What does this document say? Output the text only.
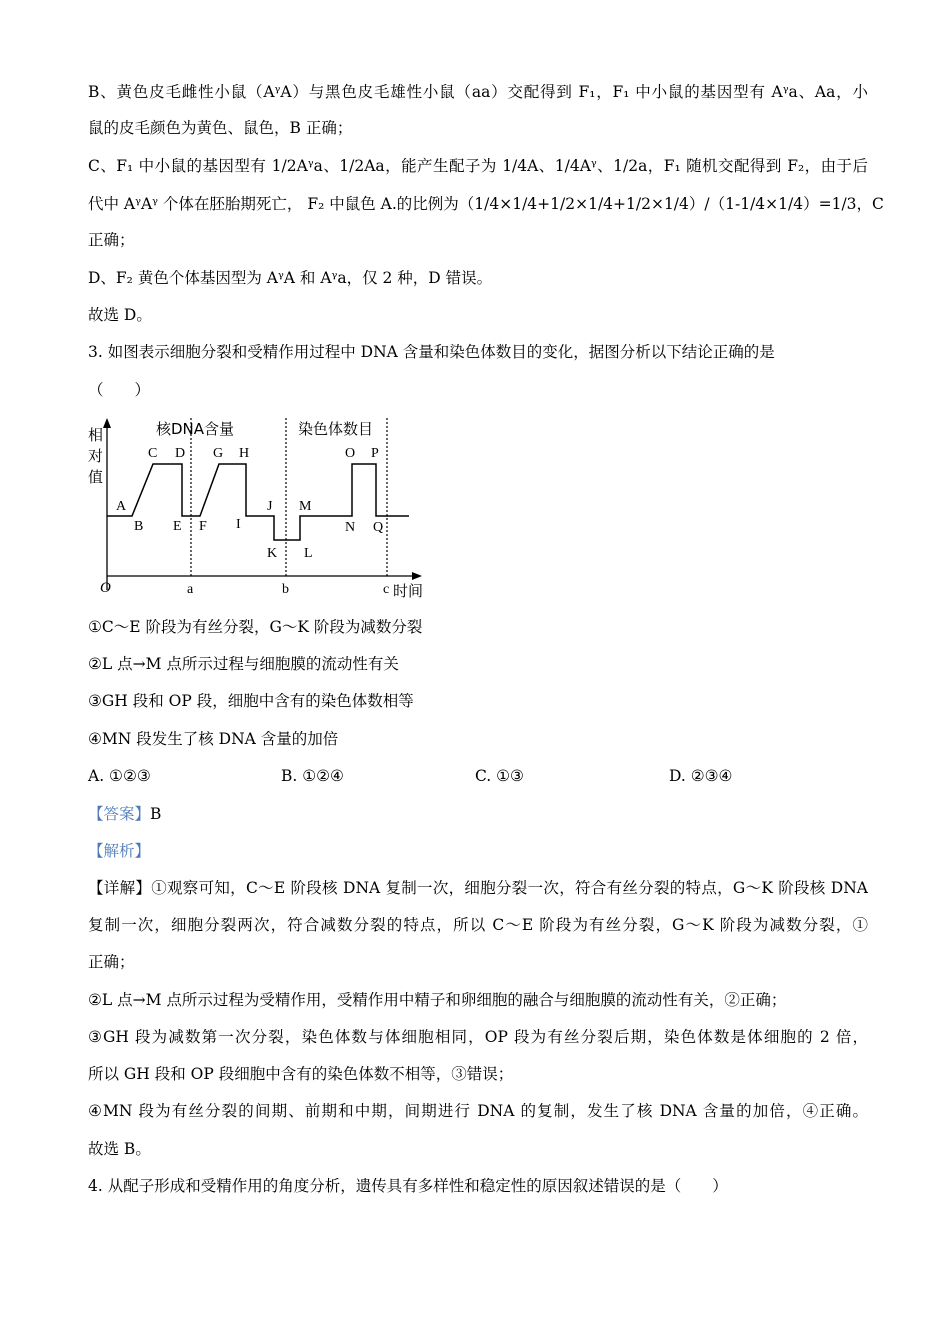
B、黄色皮毛雌性小鼠（AᵞA）与黑色皮毛雄性小鼠（aa）交配得到 F₁，F₁ 中小鼠的基因型有 Aᵞa、Aa，小
鼠的皮毛颜色为黄色、鼠色，B 正确；
C、F₁ 中小鼠的基因型有 1/2Aᵞa、1/2Aa，能产生配子为 1/4A、1/4Aᵞ、1/2a，F₁ 随机交配得到 F₂，由于后
代中 AᵞAᵞ 个体在胚胎期死亡， F₂ 中鼠色 A.的比例为（1/4×1/4+1/2×1/4+1/2×1/4）/（1-1/4×1/4）=1/3，C
正确；
D、F₂ 黄色个体基因型为 AᵞA 和 Aᵞa，仅 2 种，D 错误。
故选 D。
3. 如图表示细胞分裂和受精作用过程中 DNA 含量和染色体数目的变化，据图分析以下结论正确的是
（　　）
相
对
值
核DNA含量	染色体数目
A
B
C D
E F
G H
I
J
K L
M
N
O P
Q
O	a	b	c 时间
①C～E 阶段为有丝分裂，G～K 阶段为减数分裂
②L 点→M 点所示过程与细胞膜的流动性有关
③GH 段和 OP 段，细胞中含有的染色体数相等
④MN 段发生了核 DNA 含量的加倍
A. ①②③	B. ①②④	C. ①③	D. ②③④
【答案】B
【解析】
【详解】①观察可知，C～E 阶段核 DNA 复制一次，细胞分裂一次，符合有丝分裂的特点，G～K 阶段核 DNA
复制一次，细胞分裂两次，符合减数分裂的特点，所以 C～E 阶段为有丝分裂，G～K 阶段为减数分裂，①
正确；
②L 点→M 点所示过程为受精作用，受精作用中精子和卵细胞的融合与细胞膜的流动性有关，②正确；
③GH 段为减数第一次分裂，染色体数与体细胞相同，OP 段为有丝分裂后期，染色体数是体细胞的 2 倍，
所以 GH 段和 OP 段细胞中含有的染色体数不相等，③错误；
④MN 段为有丝分裂的间期、前期和中期，间期进行 DNA 的复制，发生了核 DNA 含量的加倍，④正确。
故选 B。
4. 从配子形成和受精作用的角度分析，遗传具有多样性和稳定性的原因叙述错误的是（　　）
